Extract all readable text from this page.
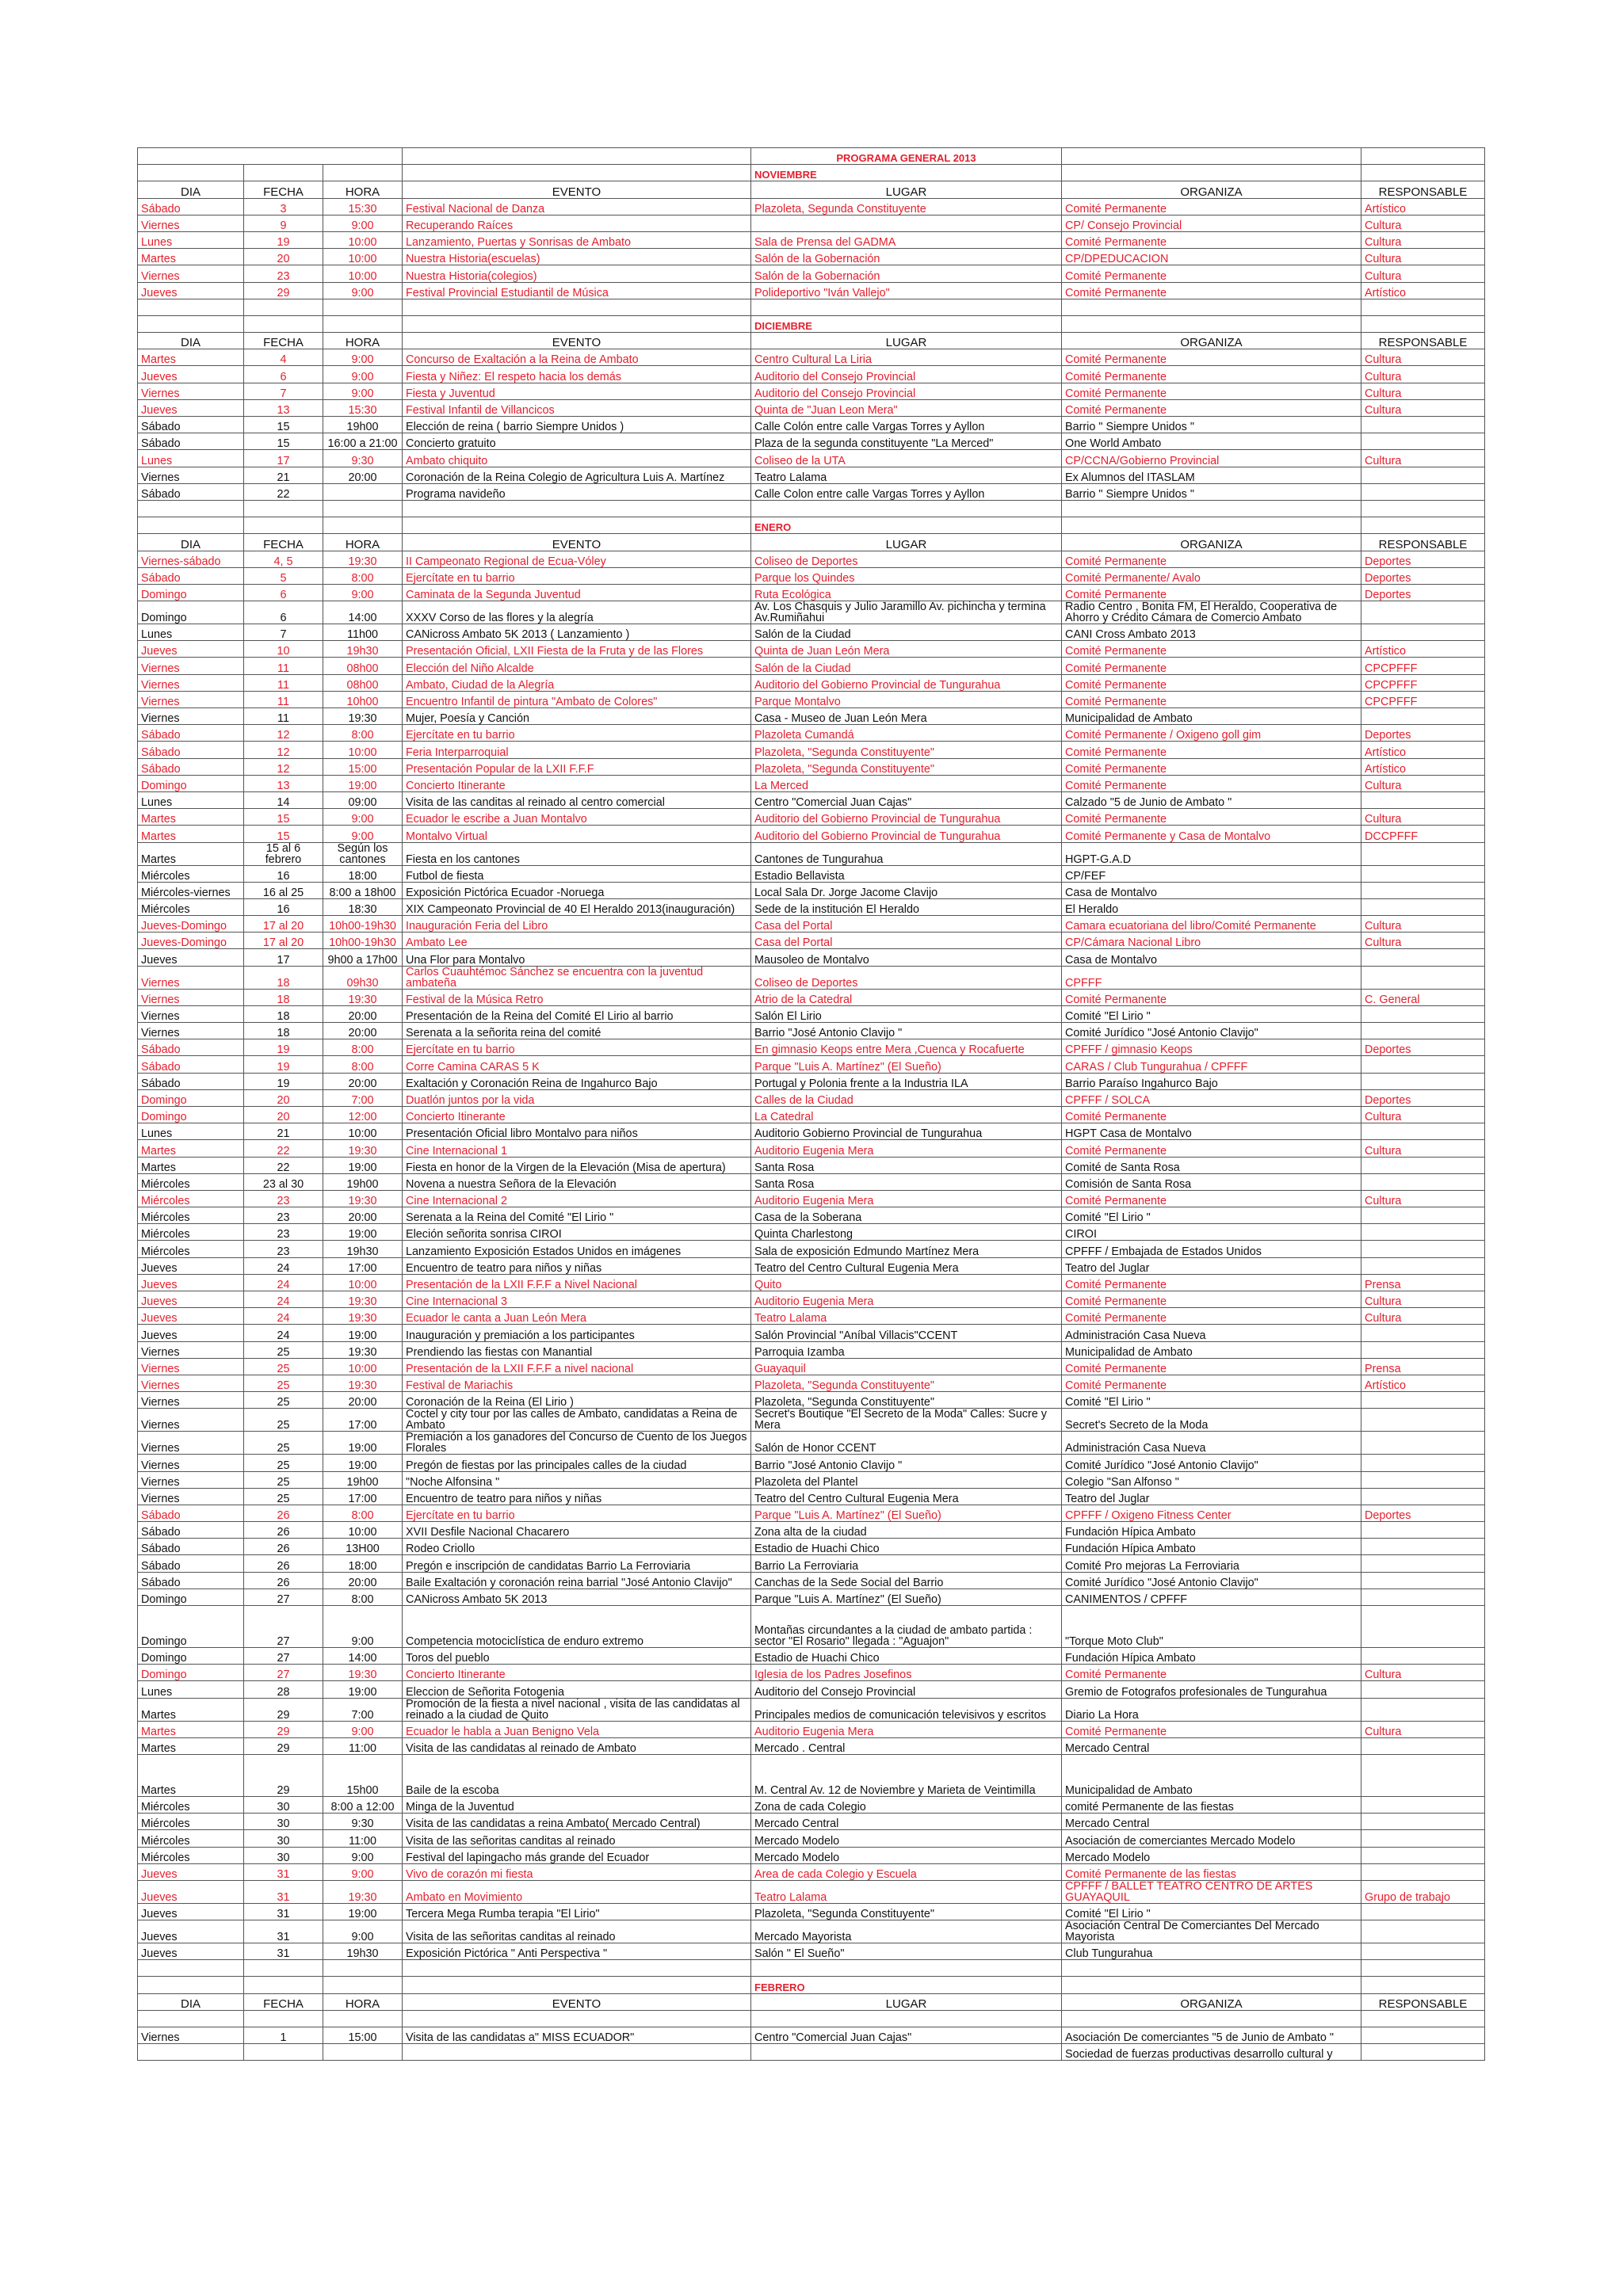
				PROGRAMA GENERAL 2013		
				NOVIEMBRE		
DIA	FECHA	HORA	EVENTO	LUGAR	ORGANIZA	RESPONSABLE
Sábado	3	15:30	Festival Nacional de Danza	Plazoleta, Segunda Constituyente	Comité Permanente	Artístico
Viernes	9	9:00	Recuperando Raíces		CP/ Consejo Provincial	Cultura
Lunes	19	10:00	Lanzamiento, Puertas y Sonrisas de Ambato	Sala de Prensa del GADMA	Comité Permanente	Cultura
Martes	20	10:00	Nuestra Historia(escuelas)	Salón de la Gobernación	CP/DPEDUCACION	Cultura
Viernes	23	10:00	Nuestra Historia(colegios)	Salón de la Gobernación	Comité Permanente	Cultura
Jueves	29	9:00	Festival Provincial Estudiantil de Música	Polideportivo "Iván Vallejo"	Comité Permanente	Artístico

				DICIEMBRE		
DIA	FECHA	HORA	EVENTO	LUGAR	ORGANIZA	RESPONSABLE
Martes	4	9:00	Concurso de Exaltación a la Reina de Ambato	Centro Cultural La Liria	Comité Permanente	Cultura
Jueves	6	9:00	Fiesta y Niñez: El respeto hacia los demás	Auditorio del Consejo Provincial	Comité Permanente	Cultura
Viernes	7	9:00	Fiesta y Juventud	Auditorio del Consejo Provincial	Comité Permanente	Cultura
Jueves	13	15:30	Festival Infantil de Villancicos	Quinta de "Juan Leon Mera"	Comité Permanente	Cultura
Sábado	15	19h00	Elección de reina ( barrio Siempre Unidos )	Calle Colón entre calle Vargas Torres y Ayllon	Barrio " Siempre Unidos "	
Sábado	15	16:00 a 21:00	Concierto gratuito	Plaza de la segunda constituyente "La Merced"	One World Ambato	
Lunes	17	9:30	Ambato chiquito	Coliseo de la UTA	CP/CCNA/Gobierno Provincial	Cultura
Viernes	21	20:00	Coronación de la Reina Colegio de Agricultura Luis A. Martínez	Teatro Lalama	Ex Alumnos del ITASLAM	
Sábado	22		Programa navideño	Calle Colon entre calle Vargas Torres y Ayllon	Barrio " Siempre Unidos "	

				ENERO		
DIA	FECHA	HORA	EVENTO	LUGAR	ORGANIZA	RESPONSABLE
Viernes-sábado	4, 5	19:30	II Campeonato Regional de Ecua-Vóley	Coliseo de Deportes	Comité Permanente	Deportes
Sábado	5	8:00	Ejercítate en tu barrio	Parque los Quindes	Comité Permanente/ Avalo	Deportes
Domingo	6	9:00	Caminata de la Segunda Juventud	Ruta Ecológica	Comité Permanente	Deportes
Domingo	6	14:00	XXXV Corso de las flores y la alegría	Av. Los Chasquis y Julio Jaramillo Av. pichincha y termina Av.Rumiñahui	Radio Centro , Bonita FM, El Heraldo, Cooperativa de Ahorro y Crédito Cámara de Comercio Ambato	
Lunes	7	11h00	CANicross Ambato 5K 2013 ( Lanzamiento )	Salón de la Ciudad	CANI Cross Ambato 2013	
Jueves	10	19h30	Presentación Oficial, LXII Fiesta de la Fruta y de las Flores	Quinta de Juan León Mera	Comité Permanente	Artístico
Viernes	11	08h00	Elección del Niño Alcalde	Salón de la Ciudad	Comité Permanente	CPCPFFF
Viernes	11	08h00	Ambato, Ciudad de la Alegría	Auditorio del Gobierno Provincial de Tungurahua	Comité Permanente	CPCPFFF
Viernes	11	10h00	Encuentro Infantil de pintura "Ambato de Colores"	Parque Montalvo	Comité Permanente	CPCPFFF
Viernes	11	19:30	Mujer, Poesía y Canción	Casa - Museo de Juan León Mera	Municipalidad de Ambato	
Sábado	12	8:00	Ejercítate en tu barrio	Plazoleta Cumandá	Comité Permanente / Oxigeno goll gim	Deportes
Sábado	12	10:00	Feria Interparroquial	Plazoleta, "Segunda Constituyente"	Comité Permanente	Artístico
Sábado	12	15:00	Presentación Popular de la LXII F.F.F	Plazoleta, "Segunda Constituyente"	Comité Permanente	Artístico
Domingo	13	19:00	Concierto Itinerante	La Merced	Comité Permanente	Cultura
Lunes	14	09:00	Visita de las canditas al reinado al centro comercial	Centro "Comercial Juan Cajas"	Calzado "5 de Junio de Ambato "	
Martes	15	9:00	Ecuador le escribe a Juan Montalvo	Auditorio del Gobierno Provincial de Tungurahua	Comité Permanente	Cultura
Martes	15	9:00	Montalvo Virtual	Auditorio del Gobierno Provincial de Tungurahua	Comité Permanente y Casa de Montalvo	DCCPFFF
Martes	15 al 6 febrero	Según los cantones	Fiesta en los cantones	Cantones de Tungurahua	HGPT-G.A.D	
Miércoles	16	18:00	Futbol de fiesta	Estadio Bellavista	CP/FEF	
Miércoles-viernes	16 al 25	8:00 a 18h00	Exposición Pictórica Ecuador -Noruega	Local Sala Dr. Jorge Jacome Clavijo	Casa de Montalvo	
Miércoles	16	18:30	XIX Campeonato Provincial de 40 El Heraldo 2013(inauguración)	Sede de la institución El Heraldo	El Heraldo	
Jueves-Domingo	17 al 20	10h00-19h30	Inauguración Feria del Libro	Casa del Portal	Camara ecuatoriana del libro/Comité Permanente	Cultura
Jueves-Domingo	17 al 20	10h00-19h30	Ambato Lee	Casa del Portal	CP/Cámara Nacional Libro	Cultura
Jueves	17	9h00 a 17h00	Una Flor para Montalvo	Mausoleo de Montalvo	Casa de Montalvo	
Viernes	18	09h30	Carlos Cuauhtémoc Sánchez se encuentra con la juventud ambateña	Coliseo de Deportes	CPFFF	
Viernes	18	19:30	Festival de la Música Retro	Atrio de la Catedral	Comité Permanente	C. General
Viernes	18	20:00	Presentación de la Reina del Comité El Lirio al barrio	Salón El Lirio	Comité "El Lirio "	
Viernes	18	20:00	Serenata a la señorita reina del comité	Barrio "José Antonio Clavijo "	Comité Jurídico "José Antonio Clavijo"	
Sábado	19	8:00	Ejercítate en tu barrio	En gimnasio Keops entre Mera ,Cuenca y Rocafuerte	CPFFF / gimnasio Keops	Deportes
Sábado	19	8:00	Corre Camina CARAS 5 K	Parque "Luis A. Martínez" (El Sueño)	CARAS / Club Tungurahua / CPFFF	
Sábado	19	20:00	Exaltación y Coronación Reina de Ingahurco Bajo	Portugal y Polonia frente a la Industria ILA	Barrio Paraíso Ingahurco Bajo	
Domingo	20	7:00	Duatlón juntos por la vida	Calles de la Ciudad	CPFFF / SOLCA	Deportes
Domingo	20	12:00	Concierto Itinerante	La Catedral	Comité Permanente	Cultura
Lunes	21	10:00	Presentación Oficial libro Montalvo para niños	Auditorio Gobierno Provincial de Tungurahua	HGPT Casa de Montalvo	
Martes	22	19:30	Cine Internacional 1	Auditorio Eugenia Mera	Comité Permanente	Cultura
Martes	22	19:00	Fiesta en honor de la Virgen de la Elevación (Misa de apertura)	Santa Rosa	Comité de Santa Rosa	
Miércoles	23 al 30	19h00	Novena a nuestra Señora de la Elevación	Santa Rosa	Comisión de Santa Rosa	
Miércoles	23	19:30	Cine Internacional 2	Auditorio Eugenia Mera	Comité Permanente	Cultura
Miércoles	23	20:00	Serenata a la Reina del Comité "El Lirio "	Casa de la Soberana	Comité "El Lirio "	
Miércoles	23	19:00	Eleción señorita sonrisa CIROI	Quinta Charlestong	CIROI	
Miércoles	23	19h30	Lanzamiento Exposición Estados Unidos en imágenes	Sala de exposición Edmundo Martínez Mera	CPFFF / Embajada de Estados Unidos	
Jueves	24	17:00	Encuentro de teatro para niños y niñas	Teatro del Centro Cultural Eugenia Mera	Teatro del Juglar	
Jueves	24	10:00	Presentación de la LXII F.F.F a Nivel Nacional	Quito	Comité Permanente	Prensa
Jueves	24	19:30	Cine Internacional 3	Auditorio Eugenia Mera	Comité Permanente	Cultura
Jueves	24	19:30	Ecuador le canta a Juan León Mera	Teatro Lalama	Comité Permanente	Cultura
Jueves	24	19:00	Inauguración y premiación a los participantes	Salón Provincial "Aníbal Villacis"CCENT	Administración Casa Nueva	
Viernes	25	19:30	Prendiendo las fiestas con Manantial	Parroquia Izamba	Municipalidad de Ambato	
Viernes	25	10:00	Presentación de la LXII F.F.F a nivel nacional	Guayaquil	Comité Permanente	Prensa
Viernes	25	19:30	Festival de Mariachis	Plazoleta, "Segunda Constituyente"	Comité Permanente	Artístico
Viernes	25	20:00	Coronación de la Reina (El Lirio )	Plazoleta, "Segunda Constituyente"	Comité "El Lirio "	
Viernes	25	17:00	Coctel y city tour por las calles de Ambato, candidatas a Reina de Ambato	Secret's Boutique "El Secreto de la Moda" Calles: Sucre y Mera	Secret's Secreto de la Moda	
Viernes	25	19:00	Premiación a los ganadores del Concurso de Cuento de los Juegos Florales	Salón de Honor CCENT	Administración Casa Nueva	
Viernes	25	19:00	Pregón de fiestas por las principales calles de la ciudad	Barrio "José Antonio Clavijo "	Comité Jurídico "José Antonio Clavijo"	
Viernes	25	19h00	"Noche Alfonsina "	Plazoleta del Plantel	Colegio "San Alfonso "	
Viernes	25	17:00	Encuentro de teatro para niños y niñas	Teatro del Centro Cultural Eugenia Mera	Teatro del Juglar	
Sábado	26	8:00	Ejercítate en tu barrio	Parque "Luis A. Martínez" (El Sueño)	CPFFF / Oxigeno Fitness Center	Deportes
Sábado	26	10:00	XVII Desfile Nacional Chacarero	Zona alta de la ciudad	Fundación Hípica Ambato	
Sábado	26	13H00	Rodeo Criollo	Estadio de Huachi Chico	Fundación Hípica Ambato	
Sábado	26	18:00	Pregón e inscripción de candidatas Barrio La Ferroviaria	Barrio La Ferroviaria	Comité Pro mejoras La Ferroviaria	
Sábado	26	20:00	Baile Exaltación y coronación reina barrial "José Antonio Clavijo"	Canchas de la Sede Social del Barrio	Comité Jurídico "José Antonio Clavijo"	
Domingo	27	8:00	CANicross Ambato 5K 2013	Parque "Luis A. Martínez" (El Sueño)	CANIMENTOS / CPFFF	
Domingo	27	9:00	Competencia motociclística de enduro extremo	Montañas circundantes a la ciudad de ambato partida : sector "El Rosario" llegada : "Aguajon"	"Torque Moto Club"	
Domingo	27	14:00	Toros del pueblo	Estadio de Huachi Chico	Fundación Hípica Ambato	
Domingo	27	19:30	Concierto Itinerante	Iglesia de los Padres Josefinos	Comité Permanente	Cultura
Lunes	28	19:00	Eleccion de Señorita Fotogenia	Auditorio del Consejo Provincial	Gremio de Fotografos profesionales de Tungurahua	
Martes	29	7:00	Promoción de la fiesta a nivel nacional , visita de las candidatas al reinado a la ciudad de Quito	Principales medios de comunicación televisivos y escritos	Diario La Hora	
Martes	29	9:00	Ecuador le habla a Juan Benigno Vela	Auditorio Eugenia Mera	Comité Permanente	Cultura
Martes	29	11:00	Visita de las candidatas al reinado de Ambato	Mercado . Central	Mercado Central	
Martes	29	15h00	Baile de la escoba	M. Central Av. 12 de Noviembre y Marieta de Veintimilla	Municipalidad de Ambato	
Miércoles	30	8:00 a 12:00	Minga de la Juventud	Zona de cada Colegio	comité Permanente de las fiestas	
Miércoles	30	9:30	Visita de las candidatas a reina Ambato( Mercado Central)	Mercado Central	Mercado Central	
Miércoles	30	11:00	Visita de las señoritas canditas al reinado	Mercado Modelo	Asociación de comerciantes Mercado Modelo	
Miércoles	30	9:00	Festival del lapingacho más grande del Ecuador	Mercado Modelo	Mercado Modelo	
Jueves	31	9:00	Vivo de corazón mi fiesta	Area de cada Colegio y Escuela	Comité Permanente de las fiestas	
Jueves	31	19:30	Ambato en Movimiento	Teatro Lalama	CPFFF / BALLET TEATRO CENTRO DE ARTES GUAYAQUIL	Grupo de trabajo
Jueves	31	19:00	Tercera Mega Rumba terapia "El Lirio"	Plazoleta, "Segunda Constituyente"	Comité "El Lirio "	
Jueves	31	9:00	Visita de las señoritas canditas al reinado	Mercado Mayorista	Asociación Central De Comerciantes Del Mercado Mayorista	
Jueves	31	19h30	Exposición Pictórica " Anti Perspectiva "	Salón " El Sueño"	Club Tungurahua	

				FEBRERO		
DIA	FECHA	HORA	EVENTO	LUGAR	ORGANIZA	RESPONSABLE

Viernes	1	15:00	Visita de las candidatas a" MISS ECUADOR"	Centro "Comercial Juan Cajas"	Asociación De comerciantes "5 de Junio de Ambato "	
					Sociedad de fuerzas productivas desarrollo cultural y	
